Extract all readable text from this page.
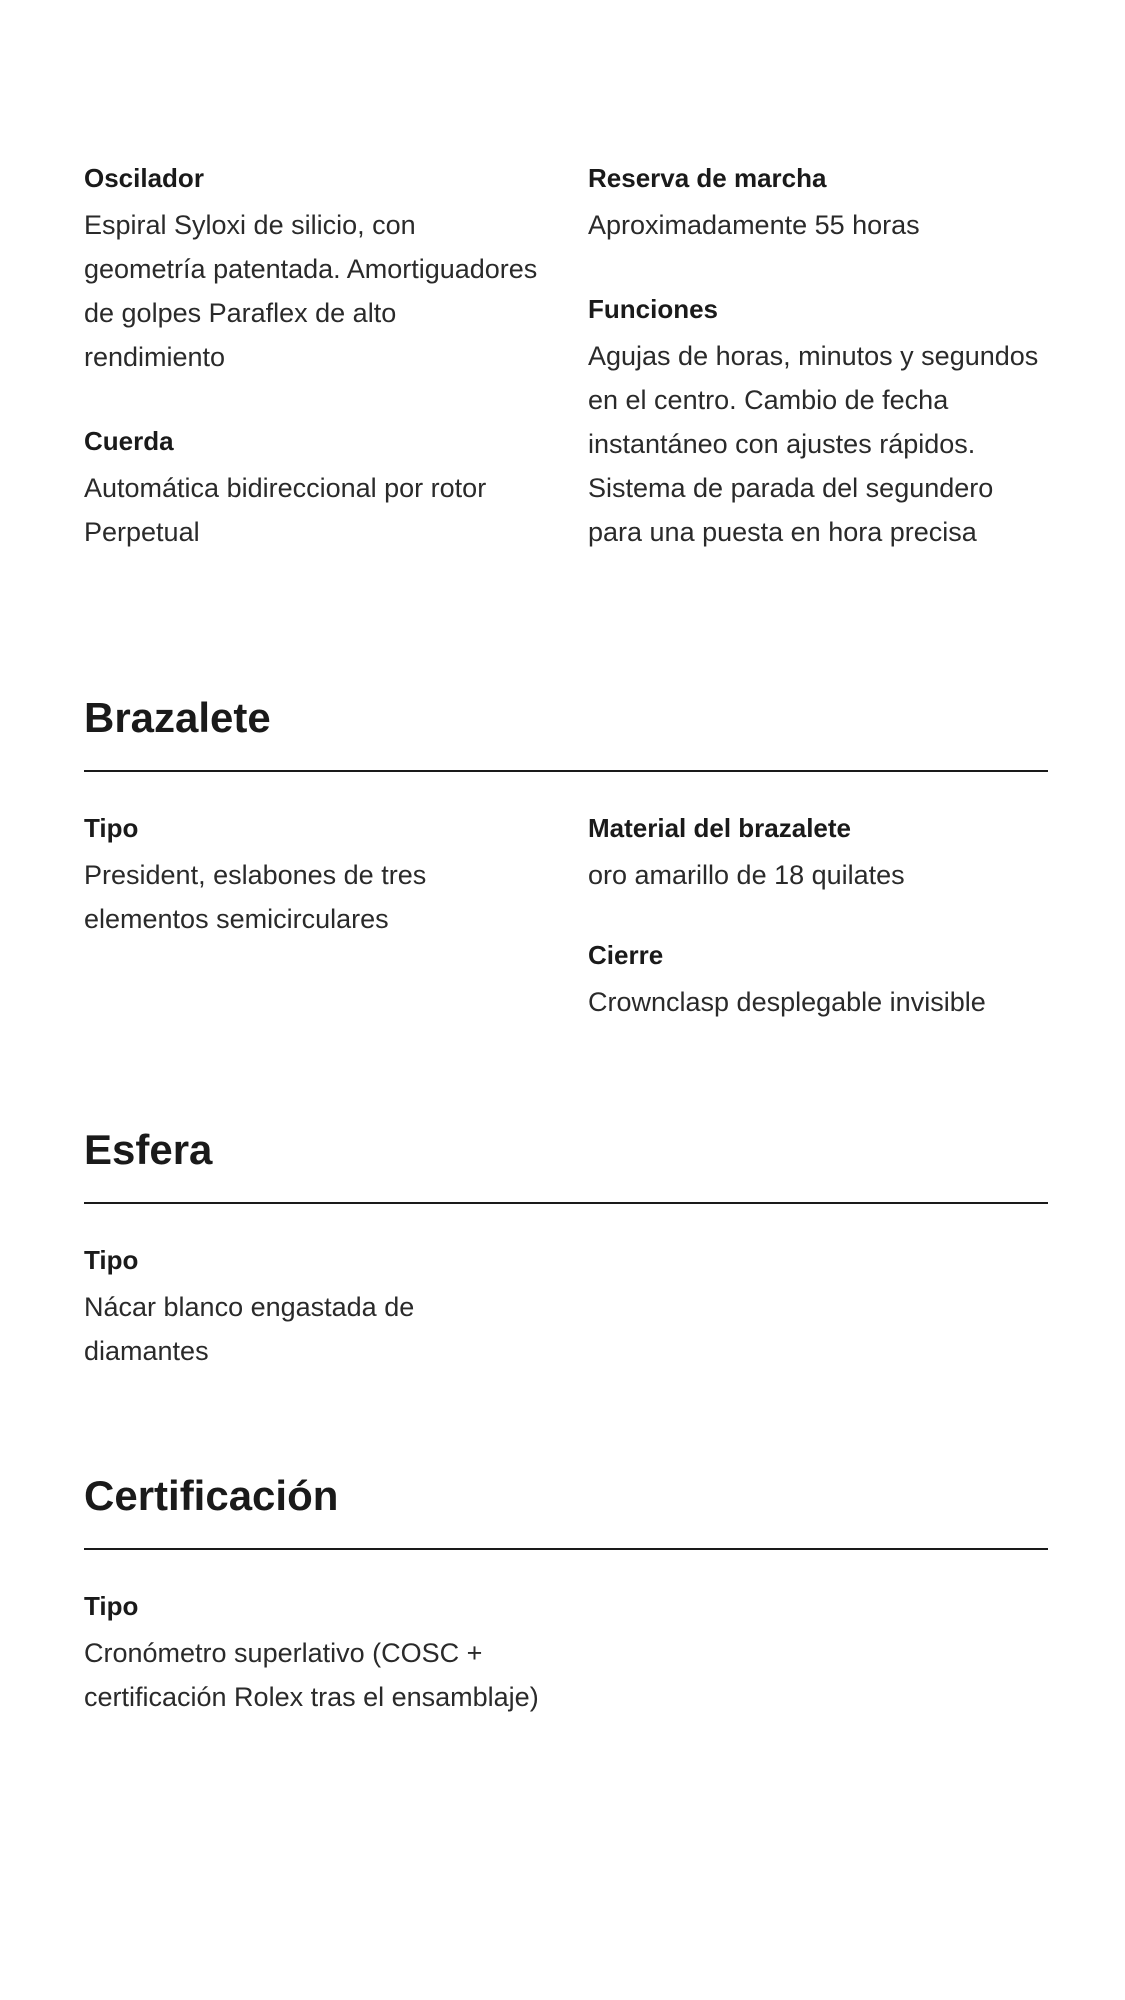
Oscilador
Espiral Syloxi de silicio, con geometría patentada. Amortiguadores de golpes Paraflex de alto rendimiento
Cuerda
Automática bidireccional por rotor Perpetual
Reserva de marcha
Aproximadamente 55 horas
Funciones
Agujas de horas, minutos y segundos en el centro. Cambio de fecha instantáneo con ajustes rápidos. Sistema de parada del segundero para una puesta en hora precisa
Brazalete
Tipo
President, eslabones de tres elementos semicirculares
Material del brazalete
oro amarillo de 18 quilates
Cierre
Crownclasp desplegable invisible
Esfera
Tipo
Nácar blanco engastada de diamantes
Certificación
Tipo
Cronómetro superlativo (COSC + certificación Rolex tras el ensamblaje)
